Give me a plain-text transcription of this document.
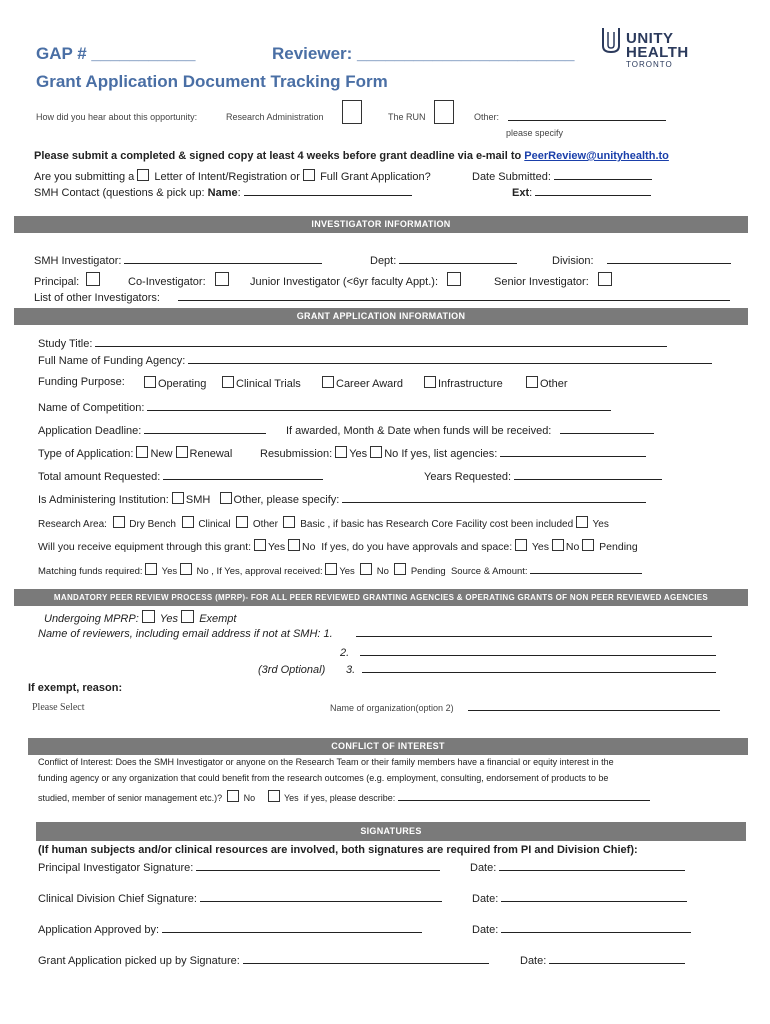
GAP # ___________	Reviewer: _______________________
Grant Application Document Tracking Form
UNITY HEALTH
TORONTO
How did you hear about this opportunity:	Research Administration	The RUN	Other:
please specify
Please submit a completed & signed copy at least 4 weeks before grant deadline via e-mail to PeerReview@unityhealth.to
Are you submitting a Letter of Intent/Registration or Full Grant Application?	Date Submitted:
SMH Contact (questions & pick up: Name:	Ext:
INVESTIGATOR INFORMATION
SMH Investigator:	Dept:	Division:
Principal:	Co-Investigator:	Junior Investigator (<6yr faculty Appt.):	Senior Investigator:
List of other Investigators:
GRANT APPLICATION INFORMATION
Study Title:
Full Name of Funding Agency:
Funding Purpose:	Operating	Clinical Trials	Career Award	Infrastructure	Other
Name of Competition:
Application Deadline:	If awarded, Month & Date when funds will be received:
Type of Application: New Renewal	Resubmission: Yes No If yes, list agencies:
Total amount Requested:	Years Requested:
Is Administering Institution: SMH Other, please specify:
Research Area: Dry Bench Clinical Other Basic , if basic has Research Core Facility cost been included Yes
Will you receive equipment through this grant: Yes No If yes, do you have approvals and space: Yes No Pending
Matching funds required: Yes No , If Yes, approval received: Yes No Pending Source & Amount:
MANDATORY PEER REVIEW PROCESS (MPRP)- FOR ALL PEER REVIEWED GRANTING AGENCIES & OPERATING GRANTS OF NON PEER REVIEWED AGENCIES
Undergoing MPRP: Yes Exempt
Name of reviewers, including email address if not at SMH: 1.
2.
(3rd Optional) 3.
If exempt, reason:
Please Select	Name of organization(option 2)
CONFLICT OF INTEREST
Conflict of Interest: Does the SMH Investigator or anyone on the Research Team or their family members have a financial or equity interest in the
funding agency or any organization that could benefit from the research outcomes (e.g. employment, consulting, endorsement of products to be
studied, member of senior management etc.)? No	Yes if yes, please describe:
SIGNATURES
(If human subjects and/or clinical resources are involved, both signatures are required from PI and Division Chief):
Principal Investigator Signature:	Date:
Clinical Division Chief Signature:	Date:
Application Approved by:	Date:
Grant Application picked up by Signature:	Date:
